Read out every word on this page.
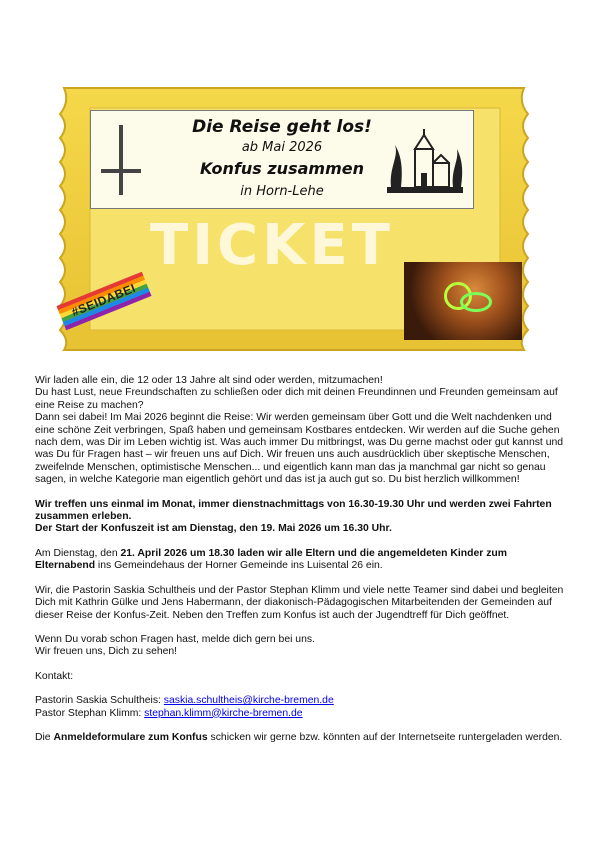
Die Reise geht los!
ab Mai 2026
Konfus zusammen
in Horn-Lehe
TICKET
#SEIDABEI

Wir laden alle ein, die 12 oder 13 Jahre alt sind oder werden, mitzumachen!

Du hast Lust, neue Freundschaften zu schließen oder dich mit deinen Freundinnen und Freunden gemeinsam auf eine Reise zu machen?

Dann sei dabei! Im Mai 2026 beginnt die Reise: Wir werden gemeinsam über Gott und die Welt nachdenken und eine schöne Zeit verbringen, Spaß haben und gemeinsam Kostbares entdecken. Wir werden auf die Suche gehen nach dem, was Dir im Leben wichtig ist. Was auch immer Du mitbringst, was Du gerne machst oder gut kannst und was Du für Fragen hast – wir freuen uns auf Dich. Wir freuen uns auch ausdrücklich über skeptische Menschen, zweifelnde Menschen, optimistische Menschen... und eigentlich kann man das ja manchmal gar nicht so genau sagen, in welche Kategorie man eigentlich gehört und das ist ja auch gut so. Du bist herzlich willkommen!

Wir treffen uns einmal im Monat, immer dienstnachmittags von 16.30-19.30 Uhr und werden zwei Fahrten zusammen erleben.

Der Start der Konfuszeit ist am Dienstag, den 19. Mai 2026 um 16.30 Uhr.

Am Dienstag, den 21. April 2026 um 18.30 laden wir alle Eltern und die angemeldeten Kinder zum Elternabend ins Gemeindehaus der Horner Gemeinde ins Luisental 26 ein.

Wir, die Pastorin Saskia Schultheis und der Pastor Stephan Klimm und viele nette Teamer sind dabei und begleiten Dich mit Kathrin Gülke und Jens Habermann, der diakonisch-Pädagogischen Mitarbeitenden der Gemeinden auf dieser Reise der Konfus-Zeit. Neben den Treffen zum Konfus ist auch der Jugendtreff für Dich geöffnet.

Wenn Du vorab schon Fragen hast, melde dich gern bei uns.

Wir freuen uns, Dich zu sehen!

Kontakt:

Pastorin Saskia Schultheis: saskia.schultheis@kirche-bremen.de

Pastor Stephan Klimm: stephan.klimm@kirche-bremen.de

Die Anmeldeformulare zum Konfus schicken wir gerne bzw. könnten auf der Internetseite runtergeladen werden.
